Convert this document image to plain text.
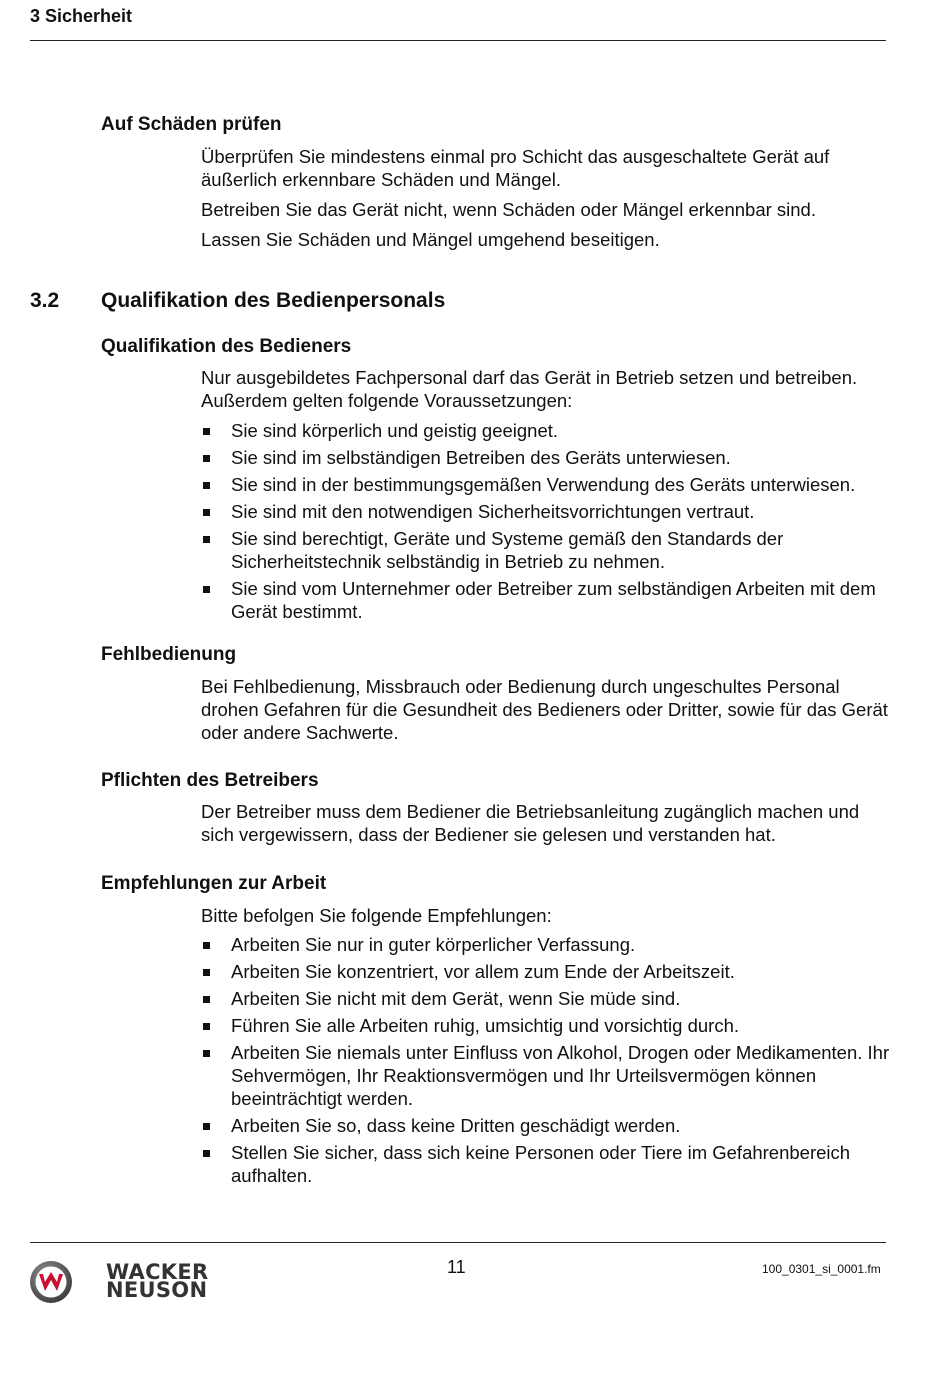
3 Sicherheit
Auf Schäden prüfen

Überprüfen Sie mindestens einmal pro Schicht das ausgeschaltete Gerät auf äußerlich erkennbare Schäden und Mängel.

Betreiben Sie das Gerät nicht, wenn Schäden oder Mängel erkennbar sind.

Lassen Sie Schäden und Mängel umgehend beseitigen.

3.2 Qualifikation des Bedienpersonals
Qualifikation des Bedieners

Nur ausgebildetes Fachpersonal darf das Gerät in Betrieb setzen und betreiben. Außerdem gelten folgende Voraussetzungen:

Sie sind körperlich und geistig geeignet.
Sie sind im selbständigen Betreiben des Geräts unterwiesen.
Sie sind in der bestimmungsgemäßen Verwendung des Geräts unterwiesen.
Sie sind mit den notwendigen Sicherheitsvorrichtungen vertraut.
Sie sind berechtigt, Geräte und Systeme gemäß den Standards der Sicherheitstechnik selbständig in Betrieb zu nehmen.
Sie sind vom Unternehmer oder Betreiber zum selbständigen Arbeiten mit dem Gerät bestimmt.
Fehlbedienung

Bei Fehlbedienung, Missbrauch oder Bedienung durch ungeschultes Personal drohen Gefahren für die Gesundheit des Bedieners oder Dritter, sowie für das Gerät oder andere Sachwerte.

Pflichten des Betreibers

Der Betreiber muss dem Bediener die Betriebsanleitung zugänglich machen und sich vergewissern, dass der Bediener sie gelesen und verstanden hat.

Empfehlungen zur Arbeit

Bitte befolgen Sie folgende Empfehlungen:

Arbeiten Sie nur in guter körperlicher Verfassung.
Arbeiten Sie konzentriert, vor allem zum Ende der Arbeitszeit.
Arbeiten Sie nicht mit dem Gerät, wenn Sie müde sind.
Führen Sie alle Arbeiten ruhig, umsichtig und vorsichtig durch.
Arbeiten Sie niemals unter Einfluss von Alkohol, Drogen oder Medikamenten. Ihr Sehvermögen, Ihr Reaktionsvermögen und Ihr Urteilsvermögen können beeinträchtigt werden.
Arbeiten Sie so, dass keine Dritten geschädigt werden.
Stellen Sie sicher, dass sich keine Personen oder Tiere im Gefahrenbereich aufhalten.
WACKER
NEUSON
11	100_0301_si_0001.fm
